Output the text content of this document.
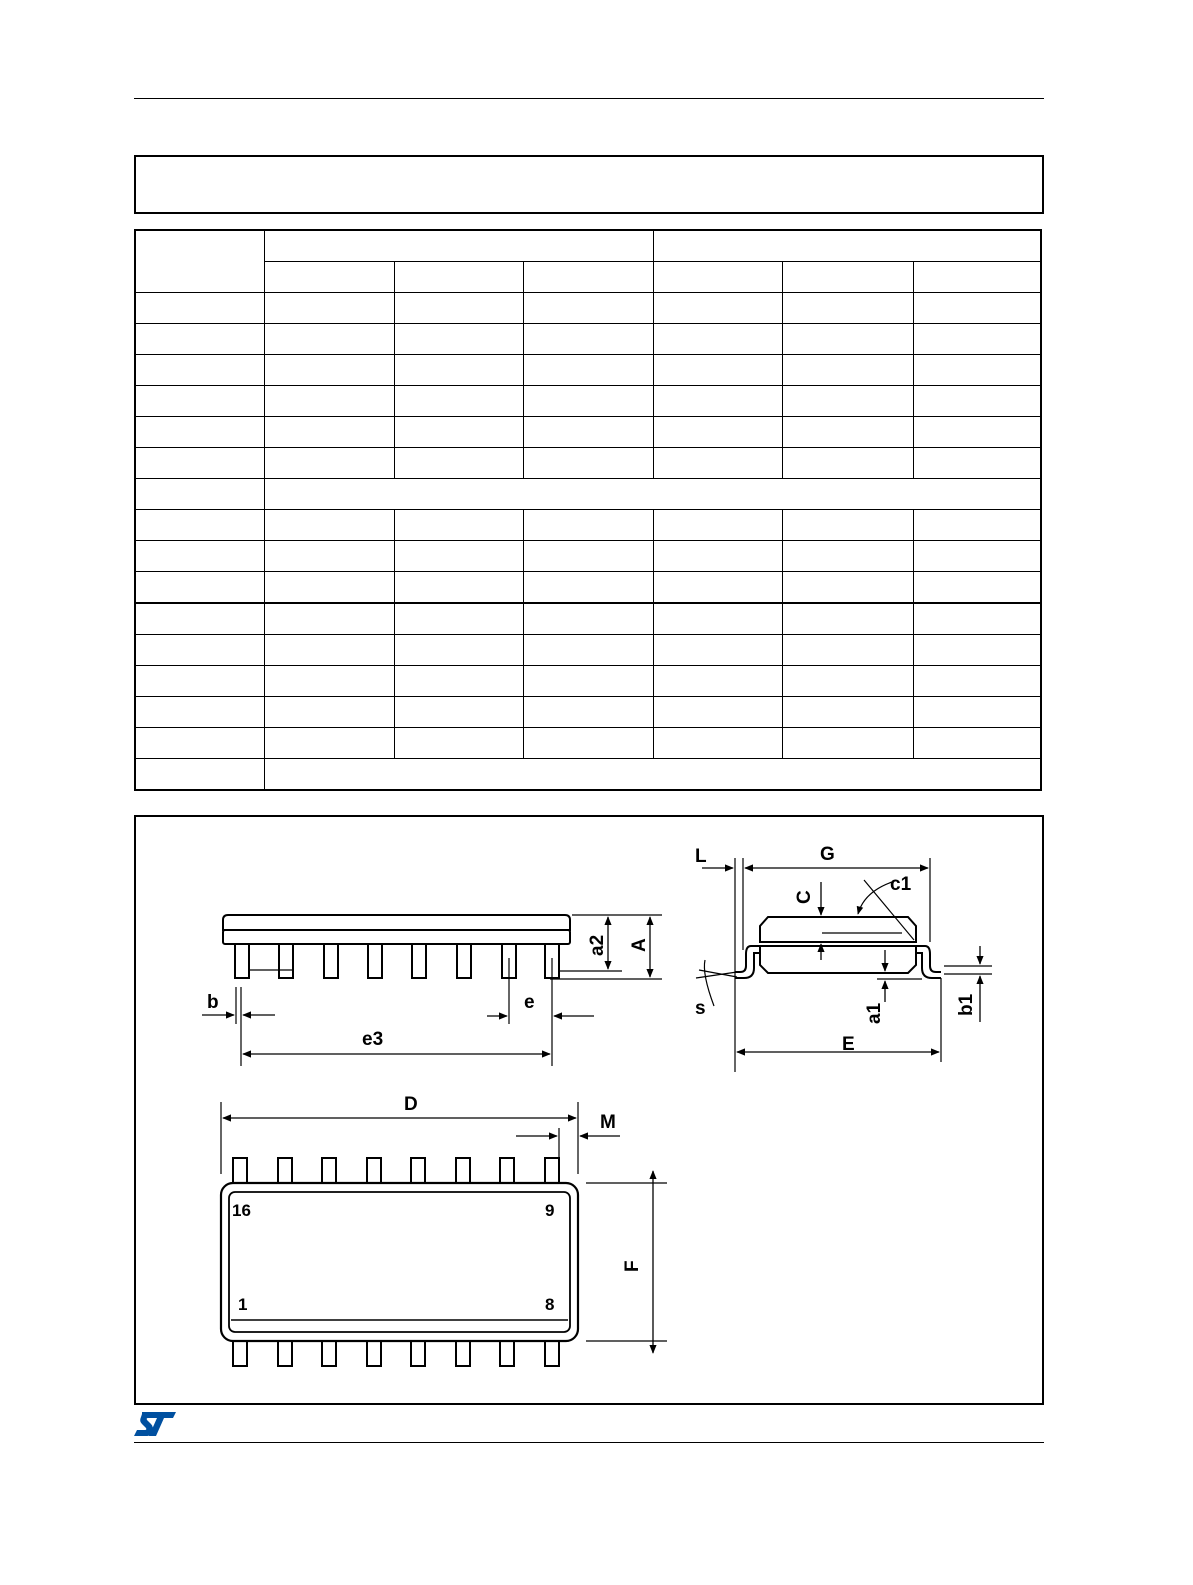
b
e3
e
a2 A
L	G
C
c1
s	a1	b1
E
D
M
F
16	9
1	8
